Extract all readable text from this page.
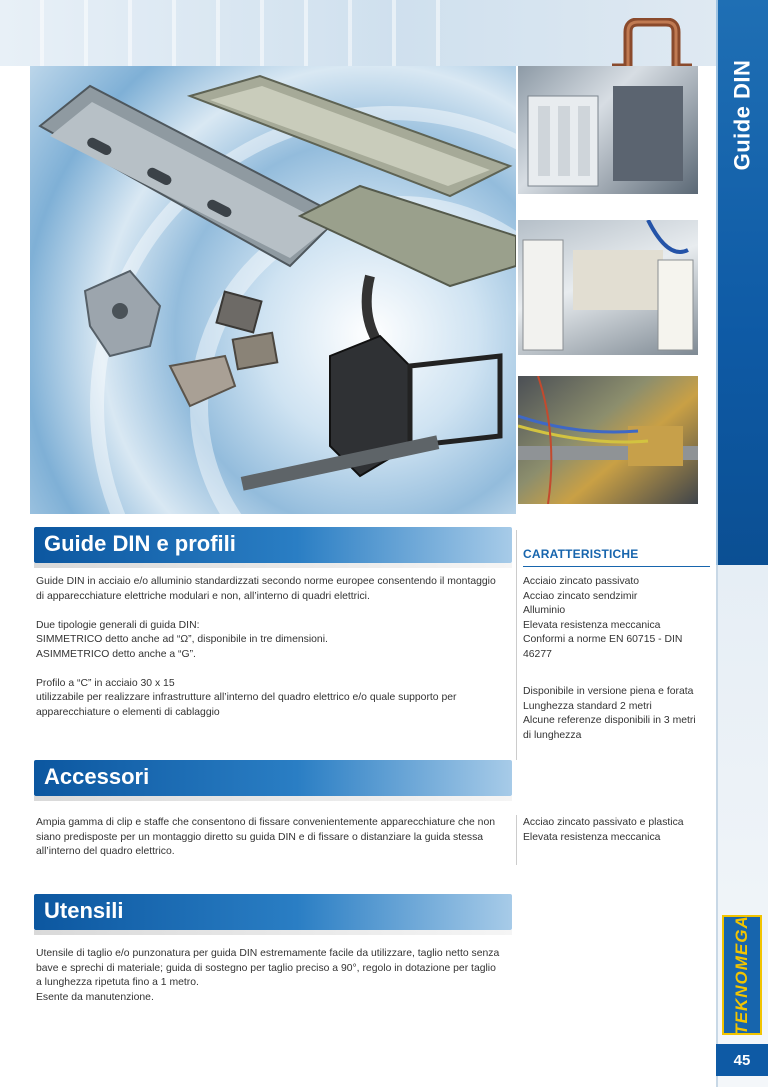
Guide DIN
Guide DIN e profili	CARATTERISTICHE

Guide DIN in acciaio e/o alluminio standardizzati secondo norme europee consentendo il montaggio
di apparecchiature elettriche modulari e non, all’interno di quadri elettrici.

Due tipologie generali di guida DIN:
SIMMETRICO detto anche ad “Ω”, disponibile in tre dimensioni.
ASIMMETRICO detto anche a “G”.

Profilo a “C” in acciaio 30 x 15
utilizzabile per realizzare infrastrutture all’interno del quadro elettrico e/o quale supporto per
apparecchiature o elementi di cablaggio

Acciaio zincato passivato
Acciao zincato sendzimir
Alluminio
Elevata resistenza meccanica
Conformi a norme EN 60715 - DIN
46277
Disponibile in versione piena e forata
Lunghezza standard 2 metri
Alcune referenze disponibili in 3 metri
di lunghezza
Accessori
Ampia gamma di clip e staffe che consentono di fissare convenientemente apparecchiature che non
siano predisposte per un montaggio diretto su guida DIN e di fissare o distanziare la guida stessa
all’interno del quadro elettrico.
Acciao zincato passivato e plastica
Elevata resistenza meccanica
Utensili
Utensile di taglio e/o punzonatura per guida DIN estremamente facile da utilizzare, taglio netto senza
bave e sprechi di materiale; guida di sostegno per taglio preciso a 90°, regolo in dotazione per taglio
a lunghezza ripetuta fino a 1 metro.
Esente da manutenzione.	TEKNOMEGA
45
